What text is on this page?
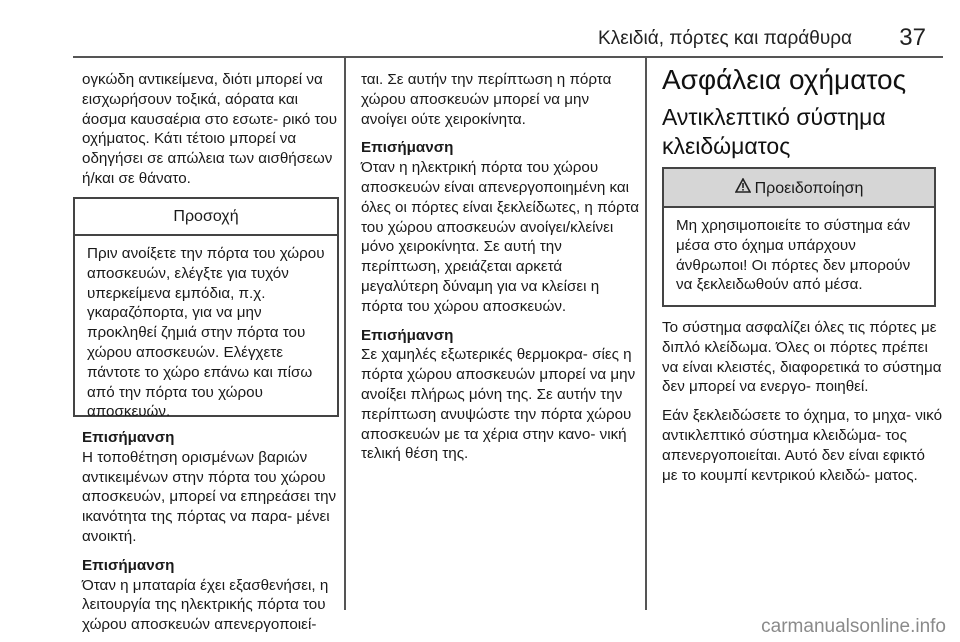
Κλειδιά, πόρτες και παράθυρα	37

ογκώδη αντικείμενα, διότι μπορεί να εισχωρήσουν τοξικά, αόρατα και άοσμα καυσαέρια στο εσωτε- ρικό του οχήματος. Κάτι τέτοιο μπορεί να οδηγήσει σε απώλεια των αισθήσεων ή/και σε θάνατο.

Προσοχή
Πριν ανοίξετε την πόρτα του χώρου αποσκευών, ελέγξτε για τυχόν υπερκείμενα εμπόδια, π.χ. γκαραζόπορτα, για να μην προκληθεί ζημιά στην πόρτα του χώρου αποσκευών. Ελέγχετε πάντοτε το χώρο επάνω και πίσω από την πόρτα του χώρου αποσκευών.

Επισήμανση

Η τοποθέτηση ορισμένων βαριών αντικειμένων στην πόρτα του χώρου αποσκευών, μπορεί να επηρεάσει την ικανότητα της πόρτας να παρα- μένει ανοικτή.

Επισήμανση

Όταν η μπαταρία έχει εξασθενήσει, η λειτουργία της ηλεκτρικής πόρτα του χώρου αποσκευών απενεργοποιεί-

ται. Σε αυτήν την περίπτωση η πόρτα χώρου αποσκευών μπορεί να μην ανοίγει ούτε χειροκίνητα.

Επισήμανση

Όταν η ηλεκτρική πόρτα του χώρου αποσκευών είναι απενεργοποιημένη και όλες οι πόρτες είναι ξεκλείδωτες, η πόρτα του χώρου αποσκευών ανοίγει/κλείνει μόνο χειροκίνητα. Σε αυτή την περίπτωση, χρειάζεται αρκετά μεγαλύτερη δύναμη για να κλείσει η πόρτα του χώρου αποσκευών.

Επισήμανση

Σε χαμηλές εξωτερικές θερμοκρα- σίες η πόρτα χώρου αποσκευών μπορεί να μην ανοίξει πλήρως μόνη της. Σε αυτήν την περίπτωση ανυψώστε την πόρτα χώρου αποσκευών με τα χέρια στην κανο- νική τελική θέση της.

Ασφάλεια οχήματος
Αντικλεπτικό σύστημα κλειδώματος
Προειδοποίηση
Μη χρησιμοποιείτε το σύστημα εάν μέσα στο όχημα υπάρχουν άνθρωποι! Οι πόρτες δεν μπορούν να ξεκλειδωθούν από μέσα.

Το σύστημα ασφαλίζει όλες τις πόρτες με διπλό κλείδωμα. Όλες οι πόρτες πρέπει να είναι κλειστές, διαφορετικά το σύστημα δεν μπορεί να ενεργο- ποιηθεί.

Εάν ξεκλειδώσετε το όχημα, το μηχα- νικό αντικλεπτικό σύστημα κλειδώμα- τος απενεργοποιείται. Αυτό δεν είναι εφικτό με το κουμπί κεντρικού κλειδώ- ματος.

carmanualsonline.info
